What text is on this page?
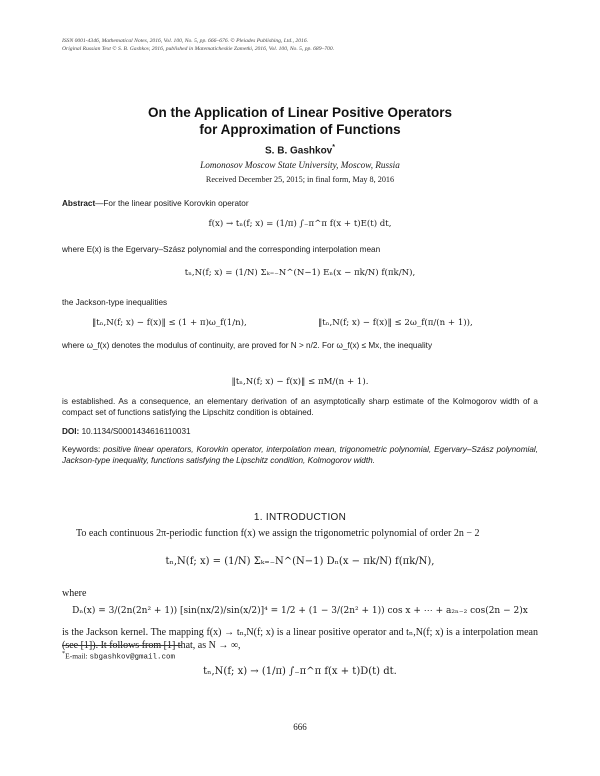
ISSN 0001-4346, Mathematical Notes, 2016, Vol. 100, No. 5, pp. 666–676. © Pleiades Publishing, Ltd., 2016.
Original Russian Text © S. B. Gashkov, 2016, published in Matematicheskie Zametki, 2016, Vol. 100, No. 5, pp. 689–700.
On the Application of Linear Positive Operators
for Approximation of Functions
S. B. Gashkov*
Lomonosov Moscow State University, Moscow, Russia
Received December 25, 2015; in final form, May 8, 2016
Abstract—For the linear positive Korovkin operator
f(x) → tₙ(f; x) = (1/π) ∫₋π^π f(x + t)E(t) dt,
where E(x) is the Egervary–Szász polynomial and the corresponding interpolation mean
tₙ,N(f; x) = (1/N) Σₖ₌₋N^(N−1) Eₙ(x − πk/N) f(πk/N),
the Jackson-type inequalities
‖tₙ,N(f; x) − f(x)‖ ≤ (1 + π)ω_f(1/n),	‖tₙ,N(f; x) − f(x)‖ ≤ 2ω_f(π/(n + 1)),
where ω_f(x) denotes the modulus of continuity, are proved for N > n/2. For ω_f(x) ≤ Mx, the inequality
‖tₙ,N(f; x) − f(x)‖ ≤ πM/(n + 1).
is established. As a consequence, an elementary derivation of an asymptotically sharp estimate of the Kolmogorov width of a compact set of functions satisfying the Lipschitz condition is obtained.
DOI: 10.1134/S0001434616110031
Keywords: positive linear operators, Korovkin operator, interpolation mean, trigonometric polynomial, Egervary–Szász polynomial, Jackson-type inequality, functions satisfying the Lipschitz condition, Kolmogorov width.
1. INTRODUCTION
To each continuous 2π-periodic function f(x) we assign the trigonometric polynomial of order 2n − 2
tₙ,N(f; x) = (1/N) Σₖ₌₋N^(N−1) Dₙ(x − πk/N) f(πk/N),
where
Dₙ(x) = 3/(2n(2n² + 1)) [sin(nx/2)/sin(x/2)]⁴ = 1/2 + (1 − 3/(2n² + 1)) cos x + ⋯ + a₂ₙ₋₂ cos(2n − 2)x
is the Jackson kernel. The mapping f(x) → tₙ,N(f; x) is a linear positive operator and tₙ,N(f; x) is a interpolation mean (see [1]). It follows from [1] that, as N → ∞,
tₙ,N(f; x) → (1/π) ∫₋π^π f(x + t)D(t) dt.
*E-mail: sbgashkov@gmail.com
666
